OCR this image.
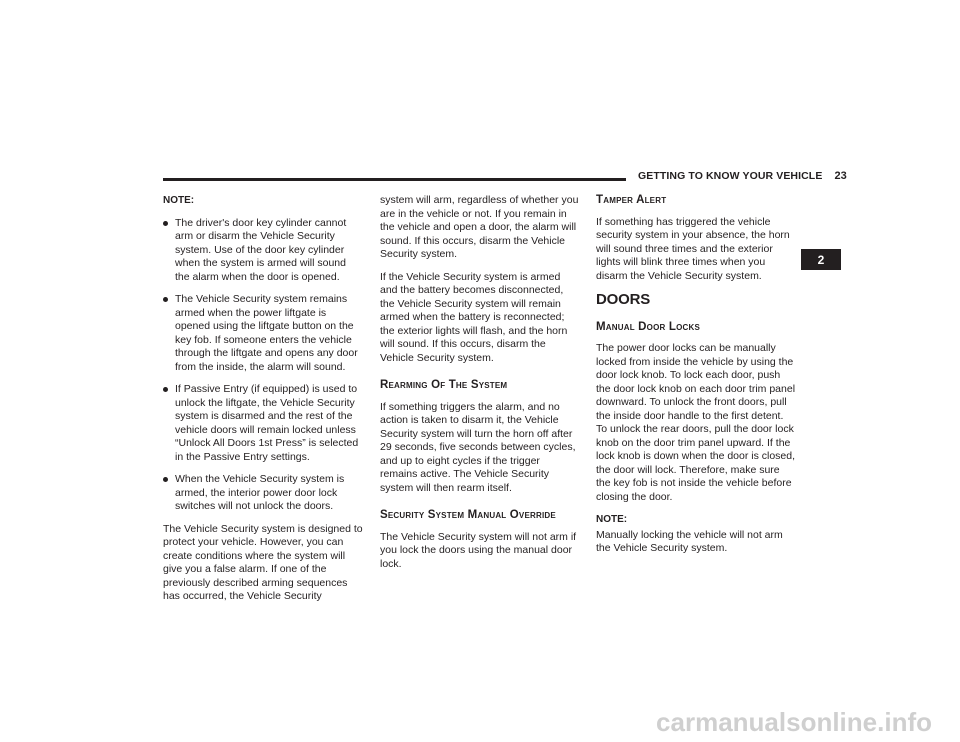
GETTING TO KNOW YOUR VEHICLE 23

NOTE:

The driver's door key cylinder cannot arm or disarm the Vehicle Security system. Use of the door key cylinder when the system is armed will sound the alarm when the door is opened.
The Vehicle Security system remains armed when the power liftgate is opened using the liftgate button on the key fob. If someone enters the vehicle through the liftgate and opens any door from the inside, the alarm will sound.
If Passive Entry (if equipped) is used to unlock the liftgate, the Vehicle Security system is disarmed and the rest of the vehicle doors will remain locked unless “Unlock All Doors 1st Press” is selected in the Passive Entry settings.
When the Vehicle Security system is armed, the interior power door lock switches will not unlock the doors.

The Vehicle Security system is designed to protect your vehicle. However, you can create conditions where the system will give you a false alarm. If one of the previously described arming sequences has occurred, the Vehicle Security

system will arm, regardless of whether you are in the vehicle or not. If you remain in the vehicle and open a door, the alarm will sound. If this occurs, disarm the Vehicle Security system.

If the Vehicle Security system is armed and the battery becomes disconnected, the Vehicle Security system will remain armed when the battery is reconnected; the exterior lights will flash, and the horn will sound. If this occurs, disarm the Vehicle Security system.

Rearming Of The System

If something triggers the alarm, and no action is taken to disarm it, the Vehicle Security system will turn the horn off after 29 seconds, five seconds between cycles, and up to eight cycles if the trigger remains active. The Vehicle Security system will then rearm itself.

Security System Manual Override

The Vehicle Security system will not arm if you lock the doors using the manual door lock.

Tamper Alert

If something has triggered the vehicle security system in your absence, the horn will sound three times and the exterior lights will blink three times when you disarm the Vehicle Security system.

DOORS
Manual Door Locks

The power door locks can be manually locked from inside the vehicle by using the door lock knob. To lock each door, push the door lock knob on each door trim panel downward. To unlock the front doors, pull the inside door handle to the first detent. To unlock the rear doors, pull the door lock knob on the door trim panel upward. If the lock knob is down when the door is closed, the door will lock. Therefore, make sure the key fob is not inside the vehicle before closing the door.

NOTE:

Manually locking the vehicle will not arm the Vehicle Security system.

2
carmanualsonline.info
